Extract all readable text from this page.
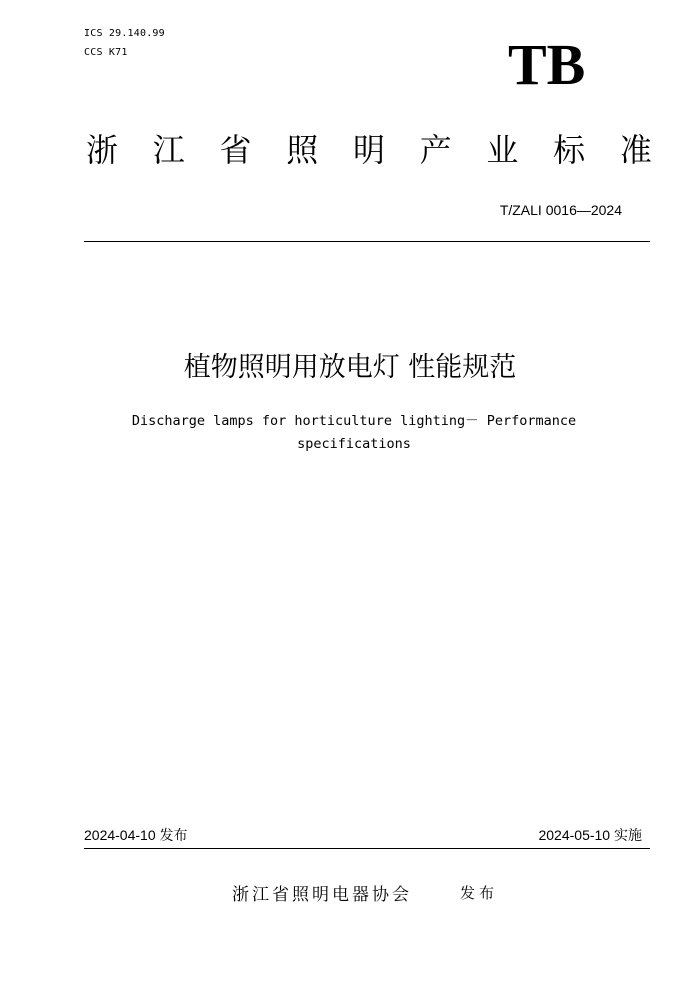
ICS 29.140.99
CCS K71	TB
浙 江 省 照 明 产 业 标 准
T/ZALI 0016—2024
植物照明用放电灯 性能规范
Discharge lamps for horticulture lighting－ Performance specifications
2024-04-10 发布	2024-05-10 实施
浙江省照明电器协会	发布
